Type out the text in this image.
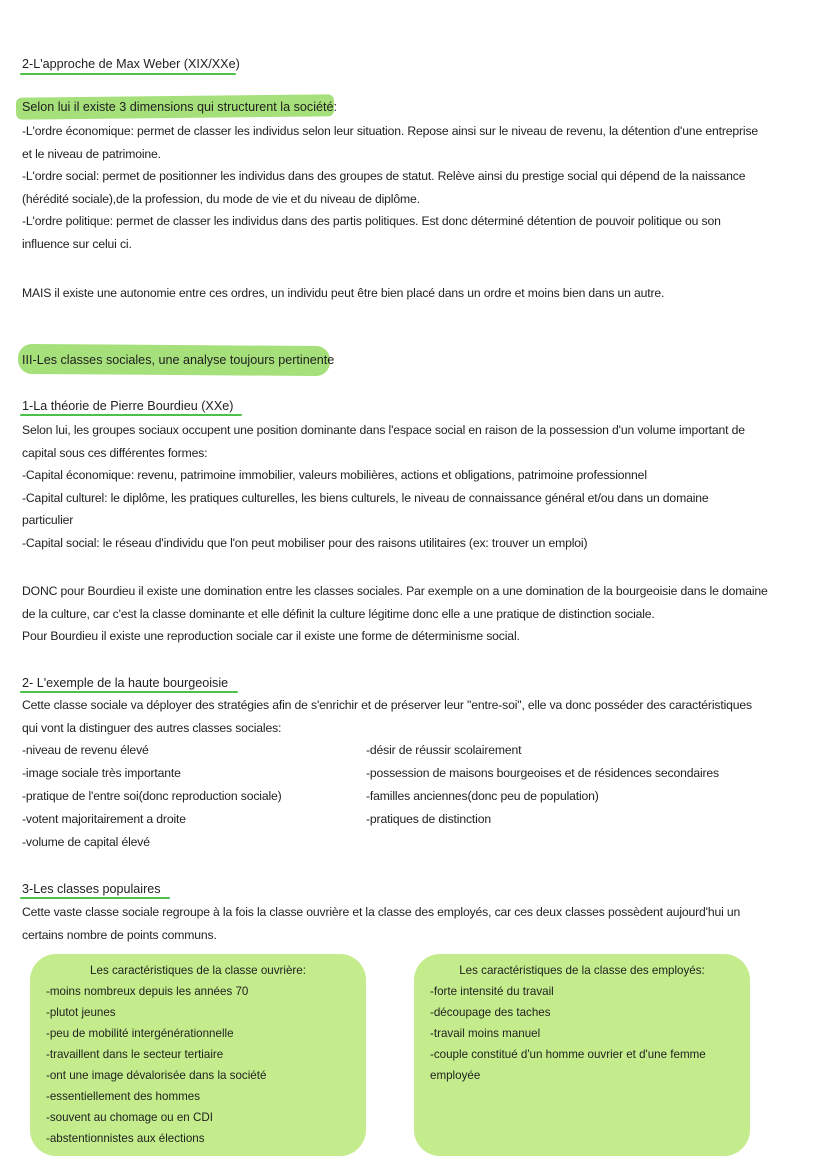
2-L'approche de Max Weber (XIX/XXe)
Selon lui il existe 3 dimensions qui structurent la société:
-L'ordre économique: permet de classer les individus selon leur situation. Repose ainsi sur le niveau de revenu, la détention d'une entreprise
et le niveau de patrimoine.
-L'ordre social: permet de positionner les individus dans des groupes de statut. Relève ainsi du prestige social qui dépend de la naissance
(hérédité sociale),de la profession, du mode de vie et du niveau de diplôme.
-L'ordre politique: permet de classer les individus dans des partis politiques. Est donc déterminé détention de pouvoir politique ou son
influence sur celui ci.
MAIS il existe une autonomie entre ces ordres, un individu peut être bien placé dans un ordre et moins bien dans un autre.
III-Les classes sociales, une analyse toujours pertinente
1-La théorie de Pierre Bourdieu (XXe)
Selon lui, les groupes sociaux occupent une position dominante dans l'espace social en raison de la possession d'un volume important de
capital sous ces différentes formes:
-Capital économique: revenu, patrimoine immobilier, valeurs mobilières, actions et obligations, patrimoine professionnel
-Capital culturel: le diplôme, les pratiques culturelles, les biens culturels, le niveau de connaissance général et/ou dans un domaine
particulier
-Capital social: le réseau d'individu que l'on peut mobiliser pour des raisons utilitaires (ex: trouver un emploi)
DONC pour Bourdieu il existe une domination entre les classes sociales. Par exemple on a une domination de la bourgeoisie dans le domaine
de la culture, car c'est la classe dominante et elle définit la culture légitime donc elle a une pratique de distinction sociale.
Pour Bourdieu il existe une reproduction sociale car il existe une forme de déterminisme social.
2- L'exemple de la haute bourgeoisie
Cette classe sociale va déployer des stratégies afin de s'enrichir et de préserver leur "entre-soi", elle va donc posséder des caractéristiques
qui vont la distinguer des autres classes sociales:
-niveau de revenu élevé
-image sociale très importante
-pratique de l'entre soi(donc reproduction sociale)
-votent majoritairement a droite
-volume de capital élevé
-désir de réussir scolairement
-possession de maisons bourgeoises et de résidences secondaires
-familles anciennes(donc peu de population)
-pratiques de distinction
3-Les classes populaires
Cette vaste classe sociale regroupe à la fois la classe ouvrière et la classe des employés, car ces deux classes possèdent aujourd'hui un
certains nombre de points communs.
Les caractéristiques de la classe ouvrière:
-moins nombreux depuis les années 70
-plutot jeunes
-peu de mobilité intergénérationnelle
-travaillent dans le secteur tertiaire
-ont une image dévalorisée dans la société
-essentiellement des hommes
-souvent au chomage ou en CDI
-abstentionnistes aux élections
Les caractéristiques de la classe des employés:
-forte intensité du travail
-découpage des taches
-travail moins manuel
-couple constitué d'un homme ouvrier et d'une femme
employée
